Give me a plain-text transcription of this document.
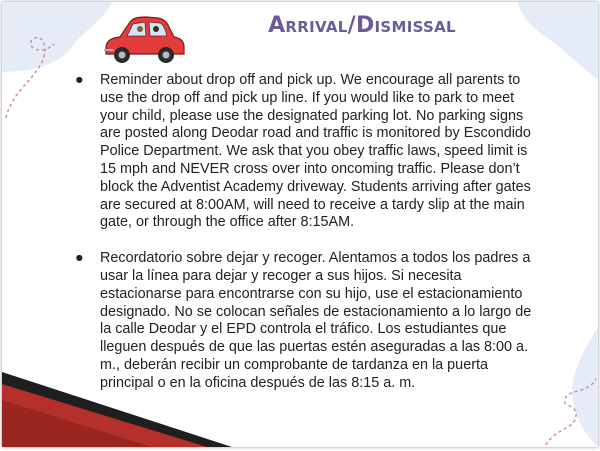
Arrival/Dismissal

● Reminder about drop off and pick up. We encourage all parents to use the drop off and pick up line. If you would like to park to meet your child, please use the designated parking lot. No parking signs are posted along Deodar road and traffic is monitored by Escondido Police Department. We ask that you obey traffic laws, speed limit is 15 mph and NEVER cross over into oncoming traffic. Please don’t block the Adventist Academy driveway. Students arriving after gates are secured at 8:00AM, will need to receive a tardy slip at the main gate, or through the office after 8:15AM.

● Recordatorio sobre dejar y recoger. Alentamos a todos los padres a usar la línea para dejar y recoger a sus hijos. Si necesita estacionarse para encontrarse con su hijo, use el estacionamiento designado. No se colocan señales de estacionamiento a lo largo de la calle Deodar y el EPD controla el tráfico. Los estudiantes que lleguen después de que las puertas estén aseguradas a las 8:00 a. m., deberán recibir un comprobante de tardanza en la puerta principal o en la oficina después de las 8:15 a. m.
